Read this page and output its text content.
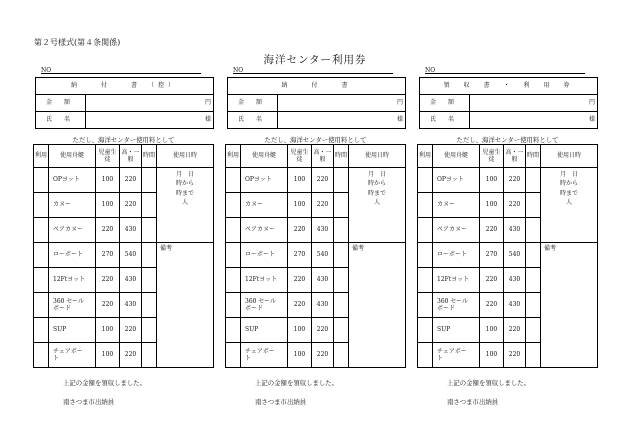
第２号様式(第４条関係)
海洋センター利用券
NO
納　　付　　書　（控）	
金　　額	円
氏　　名	様
ただし、海洋センター使用料として
利用	使用舟艇	児童生徒	高・一般	時間	使用日時
	OPヨット	100	220		月　日
時から
時まで
人
	カヌー	100	220		
	ペアカヌー	220	430		
	ローボート	270	540		備考
	12Ftヨット	220	430		
	360 セール
ボード	220	430		
	SUP	100	220		
	チェアボー
ト	100	220		
上記の金額を領収しました。
南さつま市出納員
NO
納　　付　　書	
金　　額	円
氏　　名	様
ただし、海洋センター使用料として
利用	使用舟艇	児童生徒	高・一般	時間	使用日時
	OPヨット	100	220		月　日
時から
時まで
人
	カヌー	100	220		
	ペアカヌー	220	430		
	ローボート	270	540		備考
	12Ftヨット	220	430		
	360 セール
ボード	220	430		
	SUP	100	220		
	チェアボー
ト	100	220		
上記の金額を領収しました。
南さつま市出納員
NO
領　収　書　・　利　用　券	
金　　額	円
氏　　名	様
ただし、海洋センター使用料として
利用	使用舟艇	児童生徒	高・一般	時間	使用日時
	OPヨット	100	220		月　日
時から
時まで
人
	カヌー	100	220		
	ペアカヌー	220	430		
	ローボート	270	540		備考
	12Ftヨット	220	430		
	360 セール
ボード	220	430		
	SUP	100	220		
	チェアボー
ト	100	220		
上記の金額を領収しました。
南さつま市出納員
